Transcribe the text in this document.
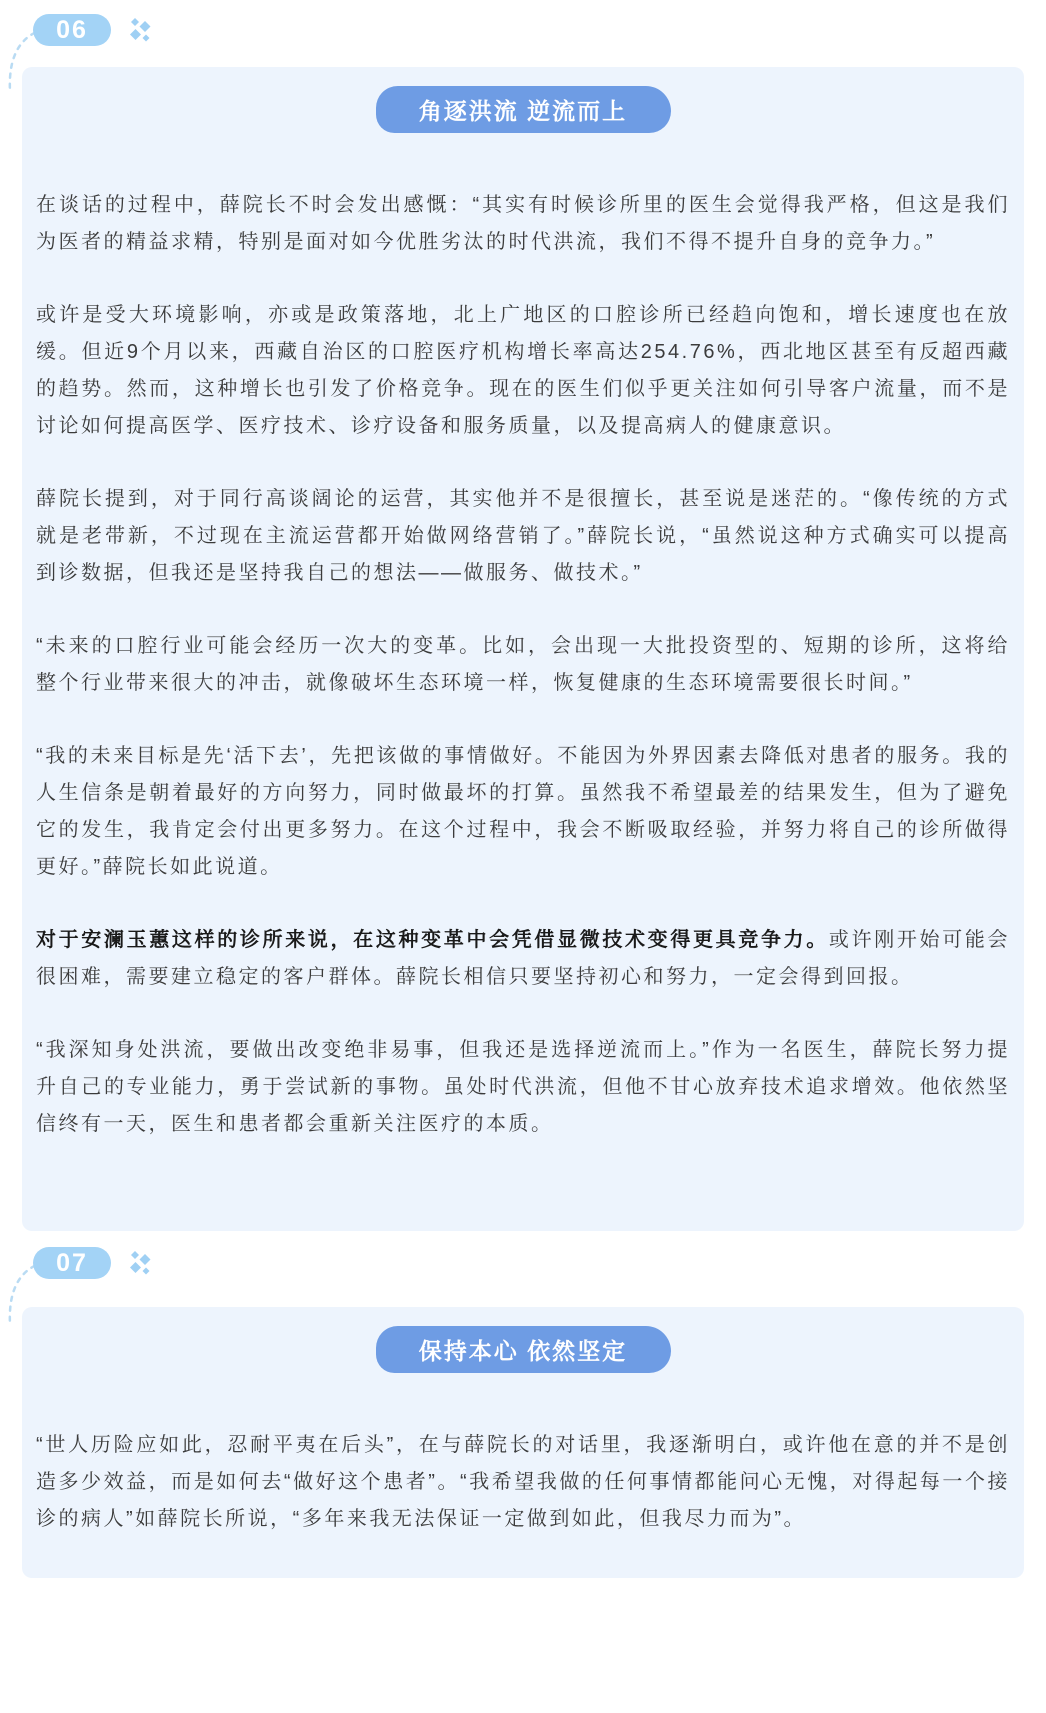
06
角逐洪流 逆流而上

在谈话的过程中，薛院长不时会发出感慨：“其实有时候诊所里的医生会觉得我严格，但这是我们为医者的精益求精，特别是面对如今优胜劣汰的时代洪流，我们不得不提升自身的竞争力。”

或许是受大环境影响，亦或是政策落地，北上广地区的口腔诊所已经趋向饱和，增长速度也在放缓。但近9个月以来，西藏自治区的口腔医疗机构增长率高达254.76%，西北地区甚至有反超西藏的趋势。然而，这种增长也引发了价格竞争。现在的医生们似乎更关注如何引导客户流量，而不是讨论如何提高医学、医疗技术、诊疗设备和服务质量，以及提高病人的健康意识。

薛院长提到，对于同行高谈阔论的运营，其实他并不是很擅长，甚至说是迷茫的。“像传统的方式就是老带新，不过现在主流运营都开始做网络营销了。”薛院长说，“虽然说这种方式确实可以提高到诊数据，但我还是坚持我自己的想法——做服务、做技术。”

“未来的口腔行业可能会经历一次大的变革。比如，会出现一大批投资型的、短期的诊所，这将给整个行业带来很大的冲击，就像破坏生态环境一样，恢复健康的生态环境需要很长时间。”

“我的未来目标是先‘活下去’，先把该做的事情做好。不能因为外界因素去降低对患者的服务。我的人生信条是朝着最好的方向努力，同时做最坏的打算。虽然我不希望最差的结果发生，但为了避免它的发生，我肯定会付出更多努力。在这个过程中，我会不断吸取经验，并努力将自己的诊所做得更好。”薛院长如此说道。

对于安澜玉蕙这样的诊所来说，在这种变革中会凭借显微技术变得更具竞争力。或许刚开始可能会很困难，需要建立稳定的客户群体。薛院长相信只要坚持初心和努力，一定会得到回报。

“我深知身处洪流，要做出改变绝非易事，但我还是选择逆流而上。”作为一名医生，薛院长努力提升自己的专业能力，勇于尝试新的事物。虽处时代洪流，但他不甘心放弃技术追求增效。他依然坚信终有一天，医生和患者都会重新关注医疗的本质。

07
保持本心 依然坚定

“世人历险应如此，忍耐平夷在后头”，在与薛院长的对话里，我逐渐明白，或许他在意的并不是创造多少效益，而是如何去“做好这个患者”。“我希望我做的任何事情都能问心无愧，对得起每一个接诊的病人”如薛院长所说，“多年来我无法保证一定做到如此，但我尽力而为”。
